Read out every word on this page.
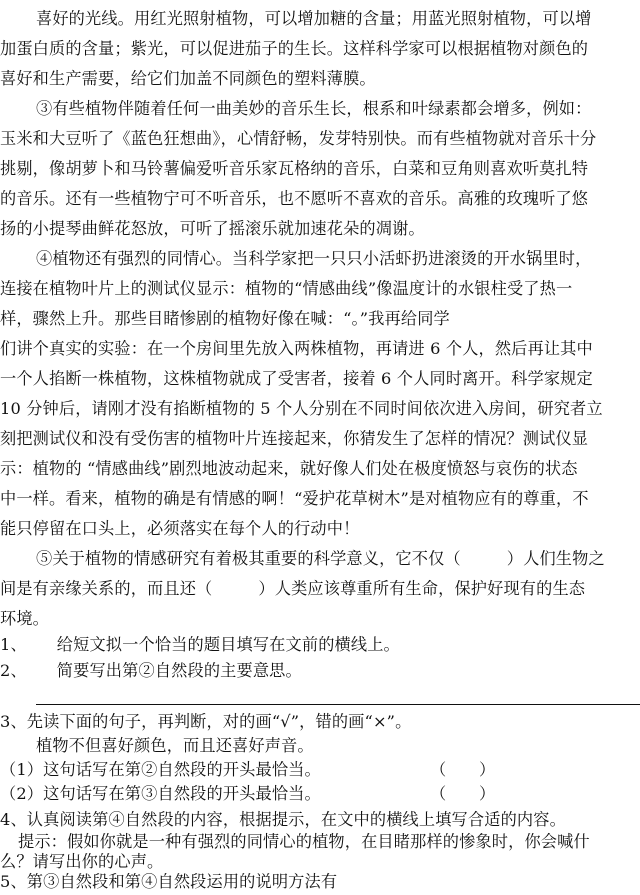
喜好的光线。用红光照射植物，可以增加糖的含量；用蓝光照射植物，可以增
加蛋白质的含量；紫光，可以促进茄子的生长。这样科学家可以根据植物对颜色的
喜好和生产需要，给它们加盖不同颜色的塑料薄膜。
③有些植物伴随着任何一曲美妙的音乐生长，根系和叶绿素都会增多，例如：
玉米和大豆听了《蓝色狂想曲》，心情舒畅，发芽特别快。而有些植物就对音乐十分
挑剔，像胡萝卜和马铃薯偏爱听音乐家瓦格纳的音乐，白菜和豆角则喜欢听莫扎特
的音乐。还有一些植物宁可不听音乐，也不愿听不喜欢的音乐。高雅的玫瑰听了悠
扬的小提琴曲鲜花怒放，可听了摇滚乐就加速花朵的凋谢。
④植物还有强烈的同情心。当科学家把一只只小活虾扔进滚烫的开水锅里时，
连接在植物叶片上的测试仪显示：植物的“情感曲线”像温度计的水银柱受了热一
样，骤然上升。那些目睹惨剧的植物好像在喊：“。”我再给同学
们讲个真实的实验：在一个房间里先放入两株植物，再请进 6 个人，然后再让其中
一个人掐断一株植物，这株植物就成了受害者，接着 6 个人同时离开。科学家规定
10 分钟后，请刚才没有掐断植物的 5 个人分别在不同时间依次进入房间，研究者立
刻把测试仪和没有受伤害的植物叶片连接起来，你猜发生了怎样的情况？测试仪显
示：植物的 “情感曲线”剧烈地波动起来，就好像人们处在极度愤怒与哀伤的状态
中一样。看来，植物的确是有情感的啊！“爱护花草树木”是对植物应有的尊重，不
能只停留在口头上，必须落实在每个人的行动中！
⑤关于植物的情感研究有着极其重要的科学意义，它不仅（	）人们生物之
间是有亲缘关系的，而且还（	）人类应该尊重所有生命，保护好现有的生态
环境。
1、 给短文拟一个恰当的题目填写在文前的横线上。
2、 简要写出第②自然段的主要意思。
3、先读下面的句子，再判断，对的画“√”，错的画“×”。
植物不但喜好颜色，而且还喜好声音。
（1）这句话写在第②自然段的开头最恰当。	（　　）
（2）这句话写在第③自然段的开头最恰当。	（　　）
4、认真阅读第④自然段的内容，根据提示，在文中的横线上填写合适的内容。
提示：假如你就是一种有强烈的同情心的植物，在目睹那样的惨象时，你会喊什
么？请写出你的心声。
5、第③自然段和第④自然段运用的说明方法有
